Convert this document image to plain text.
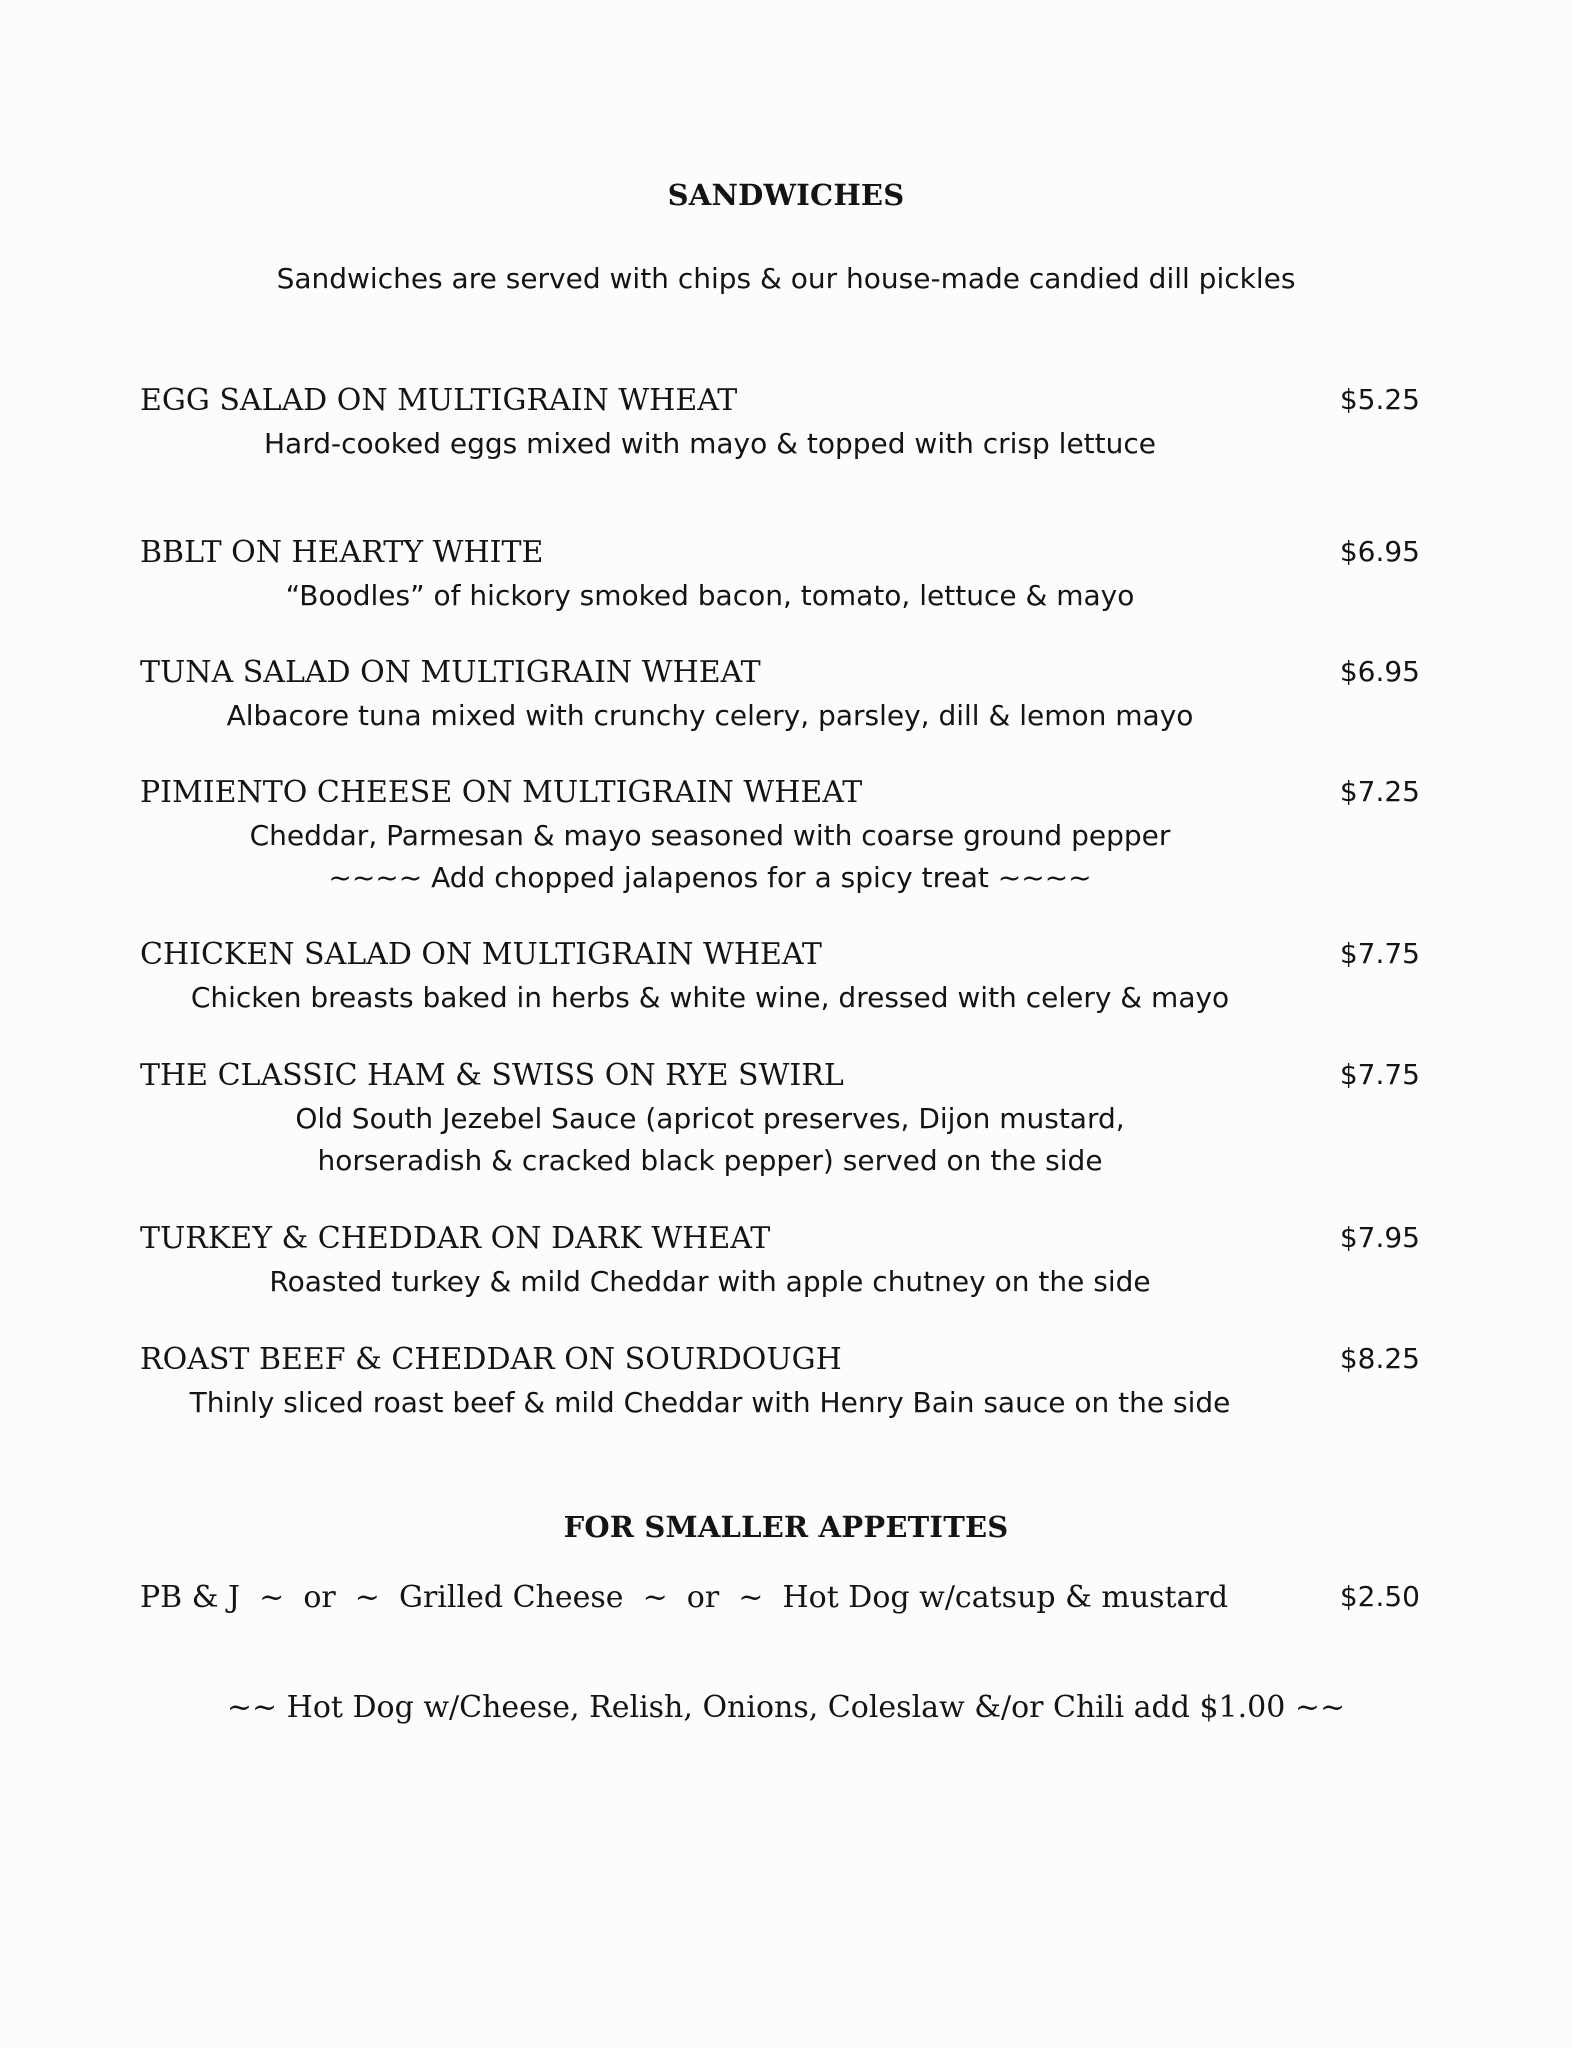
SANDWICHES
Sandwiches are served with chips & our house-made candied dill pickles
EGG SALAD ON MULTIGRAIN WHEAT	$5.25
Hard-cooked eggs mixed with mayo & topped with crisp lettuce
BBLT ON HEARTY WHITE	$6.95
“Boodles” of hickory smoked bacon, tomato, lettuce & mayo
TUNA SALAD ON MULTIGRAIN WHEAT	$6.95
Albacore tuna mixed with crunchy celery, parsley, dill & lemon mayo
PIMIENTO CHEESE ON MULTIGRAIN WHEAT	$7.25
Cheddar, Parmesan & mayo seasoned with coarse ground pepper
~~~~ Add chopped jalapenos for a spicy treat ~~~~
CHICKEN SALAD ON MULTIGRAIN WHEAT	$7.75
Chicken breasts baked in herbs & white wine, dressed with celery & mayo
THE CLASSIC HAM & SWISS ON RYE SWIRL	$7.75
Old South Jezebel Sauce (apricot preserves, Dijon mustard,
horseradish & cracked black pepper) served on the side
TURKEY & CHEDDAR ON DARK WHEAT	$7.95
Roasted turkey & mild Cheddar with apple chutney on the side
ROAST BEEF & CHEDDAR ON SOURDOUGH	$8.25
Thinly sliced roast beef & mild Cheddar with Henry Bain sauce on the side
FOR SMALLER APPETITES
PB & J  ~  or  ~  Grilled Cheese  ~  or  ~  Hot Dog w/catsup & mustard	$2.50
~~ Hot Dog w/Cheese, Relish, Onions, Coleslaw &/or Chili add $1.00 ~~
